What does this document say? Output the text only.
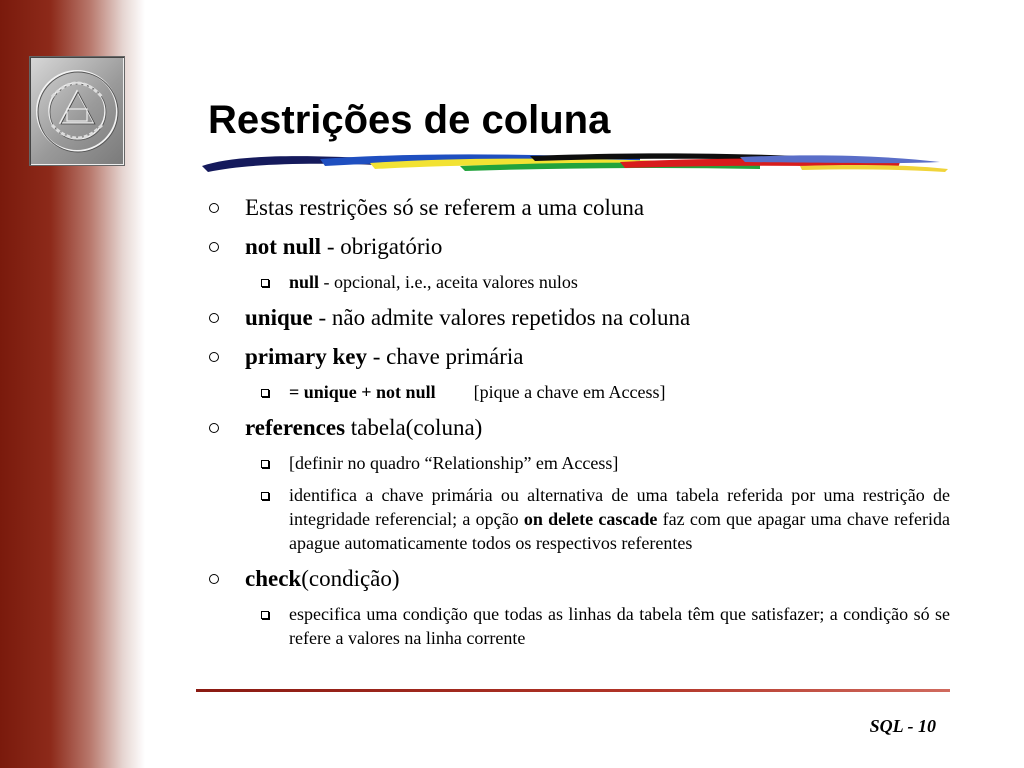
Restrições de coluna
Estas restrições só se referem a uma coluna
not null - obrigatório
null - opcional, i.e., aceita valores nulos
unique - não admite valores repetidos na coluna
primary key - chave primária
= unique + not null [pique a chave em Access]
references tabela(coluna)
[definir no quadro “Relationship” em Access]
identifica a chave primária ou alternativa de uma tabela referida por uma restrição de integridade referencial; a opção on delete cascade faz com que apagar uma chave referida apague automaticamente todos os respectivos referentes
check(condição)
especifica uma condição que todas as linhas da tabela têm que satisfazer; a condição só se refere a valores na linha corrente
SQL - 10
